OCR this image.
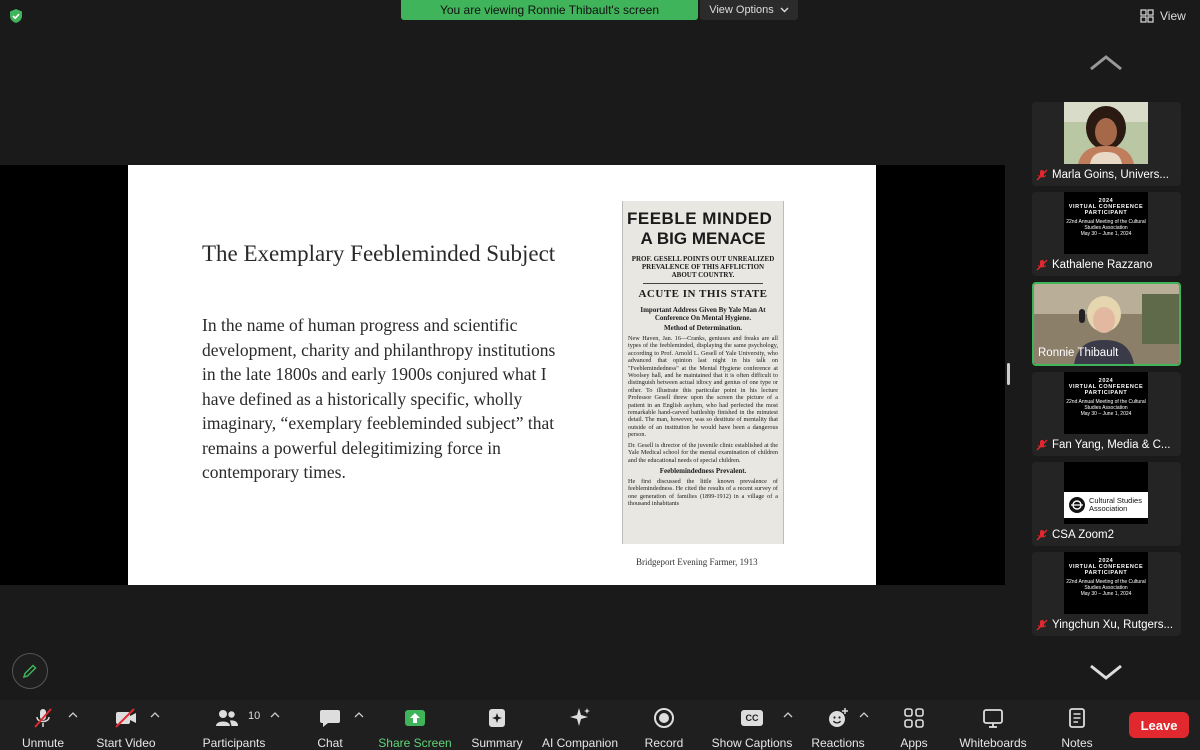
You are viewing Ronnie Thibault's screen	View Options	View
The Exemplary Feebleminded Subject
In the name of human progress and scientific development, charity and philanthropy institutions in the late 1800s and early 1900s conjured what I have defined as a historically specific, wholly imaginary, “exemplary feebleminded subject” that remains a powerful delegitimizing force in contemporary times.
FEEBLE MINDED
A BIG MENACE
PROF. GESELL POINTS OUT UNREALIZED PREVALENCE OF THIS AFFLICTION ABOUT COUNTRY.
ACUTE IN THIS STATE
Important Address Given By Yale Man At Conference On Mental Hygiene.
Method of Determination.
New Haven, Jan. 16—Cranks, geniuses and freaks are all types of the feebleminded, displaying the same psychology, according to Prof. Arnold L. Gesell of Yale University, who advanced that opinion last night in his talk on "Feeblemindedness" at the Mental Hygiene conference at Woolsey hall, and he maintained that it is often difficult to distinguish between actual idiocy and genius of one type or other. To illustrate this particular point in his lecture Professor Gesell threw upon the screen the picture of a patient in an English asylum, who had perfected the most remarkable hand-carved battleship finished in the minutest detail. The man, however, was so destitute of mentality that outside of an institution he would have been a dangerous person.
Dr. Gesell is director of the juvenile clinic established at the Yale Medical school for the mental examination of children and the educational needs of special children.
Feeblemindedness Prevalent.
He first discussed the little known prevalence of feeblemindedness. He cited the results of a recent survey of one generation of families (1899-1912) in a village of a thousand inhabitants
Bridgeport Evening Farmer, 1913
Marla Goins, Univers...
2024
VIRTUAL CONFERENCE
PARTICIPANT
22nd Annual Meeting of the Cultural Studies Association
May 30 – June 1, 2024
Kathalene Razzano
Ronnie Thibault
2024
VIRTUAL CONFERENCE
PARTICIPANT
22nd Annual Meeting of the Cultural Studies Association
May 30 – June 1, 2024
Fan Yang, Media & C...
Cultural Studies
Association
CSA Zoom2
2024
VIRTUAL CONFERENCE
PARTICIPANT
22nd Annual Meeting of the Cultural Studies Association
May 30 – June 1, 2024
Yingchun Xu, Rutgers...
Unmute	Start Video	Participants
10
Chat	Share Screen Summary AI Companion Record
CC
Show Captions Reactions	Apps	Whiteboards	Notes
Leave
